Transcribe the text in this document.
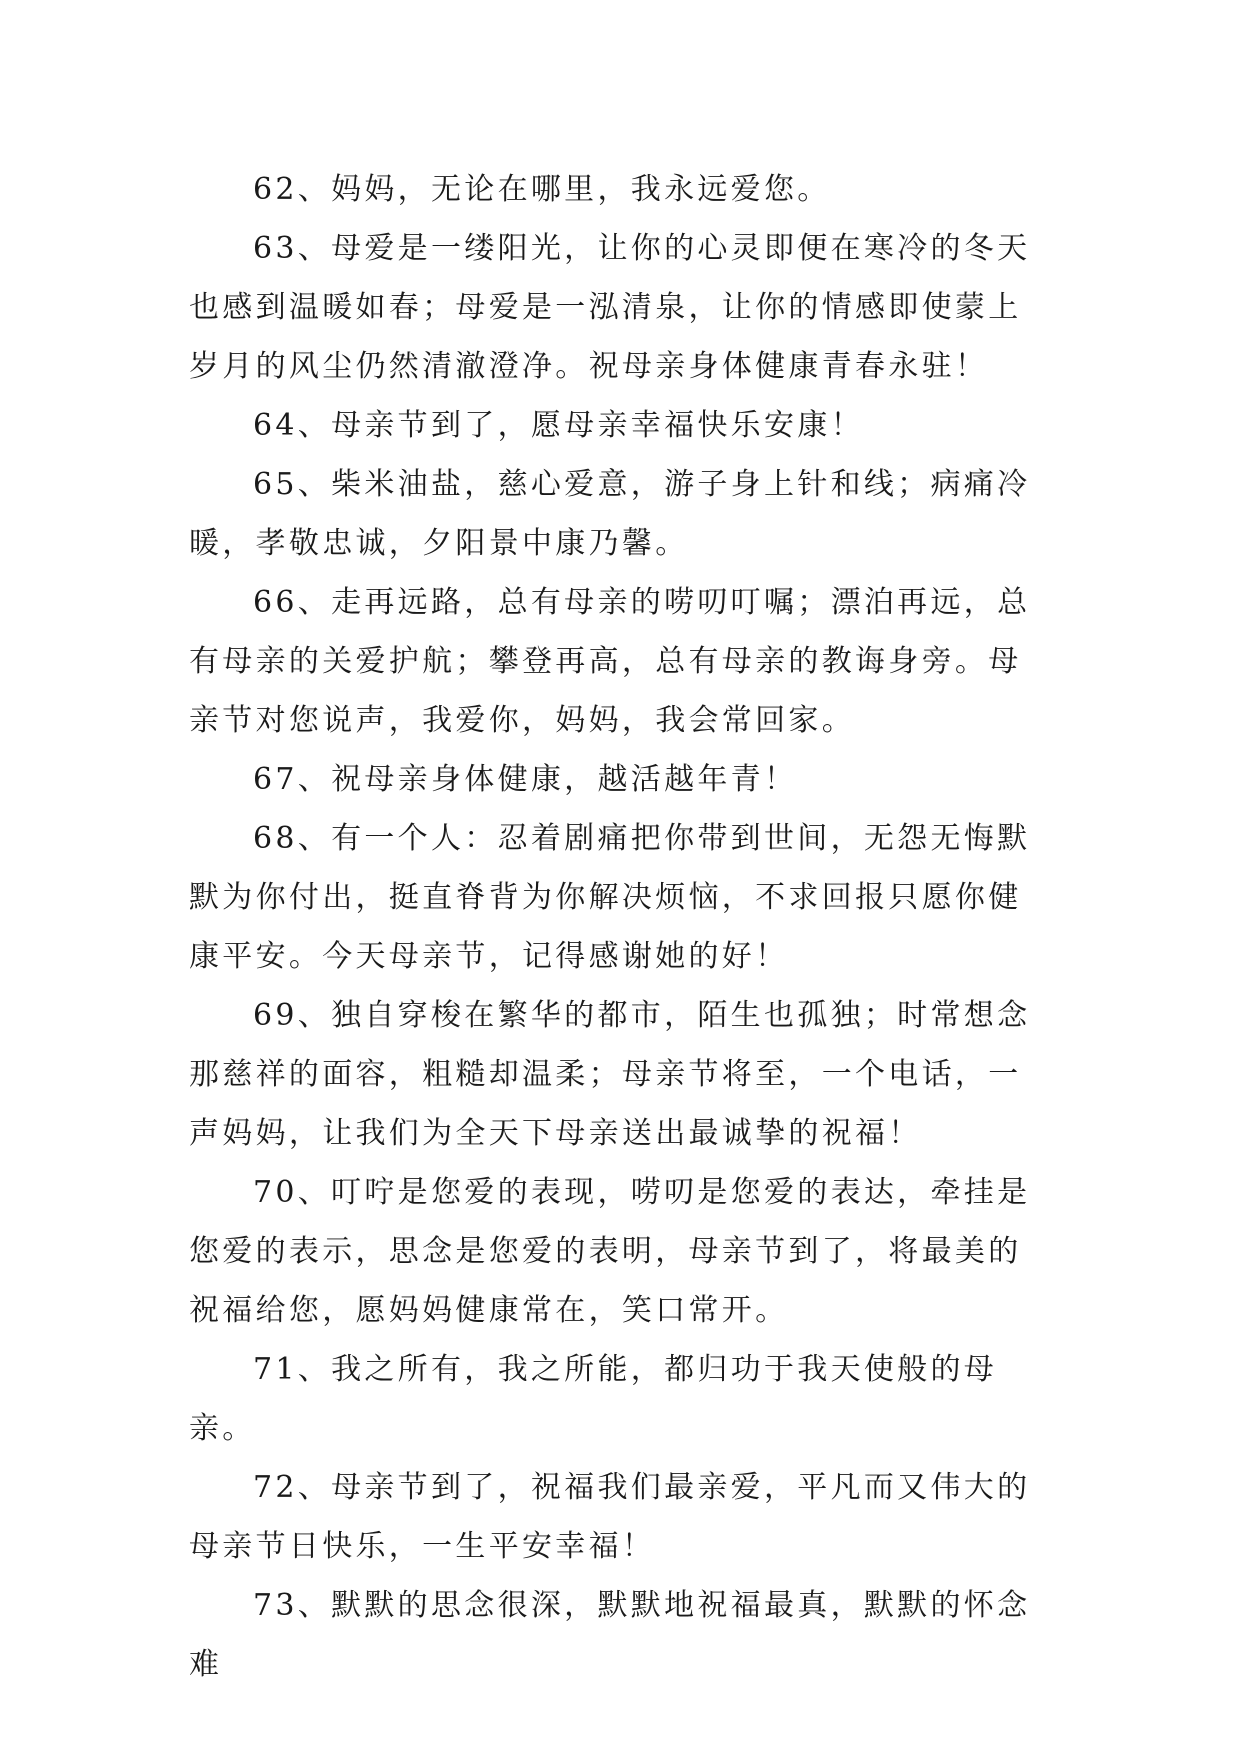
62、妈妈，无论在哪里，我永远爱您。

63、母爱是一缕阳光，让你的心灵即便在寒冷的冬天也感到温暖如春；母爱是一泓清泉，让你的情感即使蒙上岁月的风尘仍然清澈澄净。祝母亲身体健康青春永驻！

64、母亲节到了，愿母亲幸福快乐安康！

65、柴米油盐，慈心爱意，游子身上针和线；病痛冷暖，孝敬忠诚，夕阳景中康乃馨。

66、走再远路，总有母亲的唠叨叮嘱；漂泊再远，总有母亲的关爱护航；攀登再高，总有母亲的教诲身旁。母亲节对您说声，我爱你，妈妈，我会常回家。

67、祝母亲身体健康，越活越年青！

68、有一个人：忍着剧痛把你带到世间，无怨无悔默默为你付出，挺直脊背为你解决烦恼，不求回报只愿你健康平安。今天母亲节，记得感谢她的好！

69、独自穿梭在繁华的都市，陌生也孤独；时常想念那慈祥的面容，粗糙却温柔；母亲节将至，一个电话，一声妈妈，让我们为全天下母亲送出最诚挚的祝福！

70、叮咛是您爱的表现，唠叨是您爱的表达，牵挂是您爱的表示，思念是您爱的表明，母亲节到了，将最美的祝福给您，愿妈妈健康常在，笑口常开。

71、我之所有，我之所能，都归功于我天使般的母亲。

72、母亲节到了，祝福我们最亲爱，平凡而又伟大的母亲节日快乐，一生平安幸福！

73、默默的思念很深，默默地祝福最真，默默的怀念难
